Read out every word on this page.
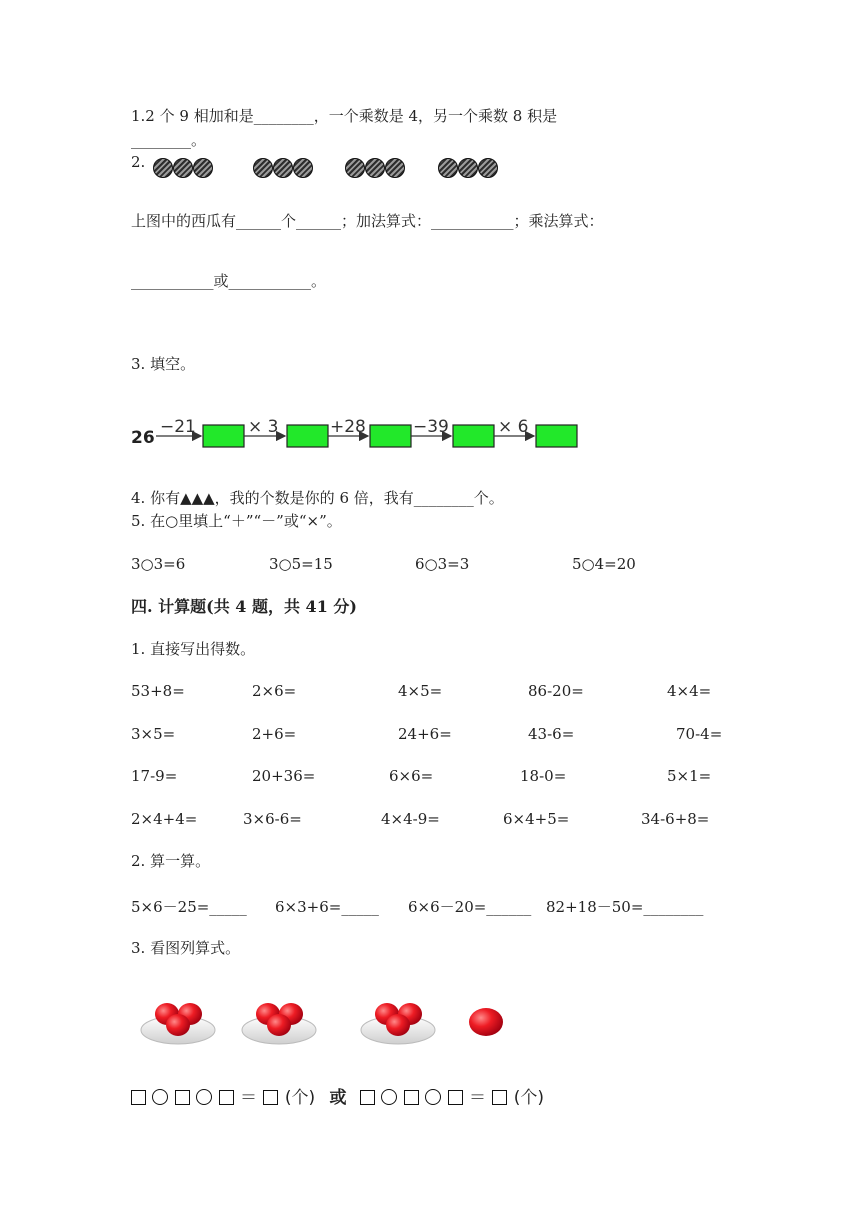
1.2 个 9 相加和是________，一个乘数是 4，另一个乘数 8 积是
________。
2.
上图中的西瓜有______个______；加法算式：___________；乘法算式：
___________或___________。
3. 填空。
26
−21	× 3	+28	−39	× 6
4. 你有▲▲▲，我的个数是你的 6 倍，我有________个。
5. 在○里填上“＋”“－”或“×”。
3○3=6	3○5=15	6○3=3	5○4=20
四. 计算题(共 4 题，共 41 分)
1. 直接写出得数。
53+8=	2×6=	4×5=	86-20=	4×4=
3×5=	2+6=	24+6=	43-6=	70-4=
17-9=	20+36=	6×6=	18-0=	5×1=
2×4+4=	3×6-6=	4×4-9=	6×4+5=	34-6+8=
2. 算一算。
5×6－25=_____ 6×3+6=_____ 6×6－20=______ 82+18－50=________
3. 看图列算式。
＝ (个) 或	＝ (个)
